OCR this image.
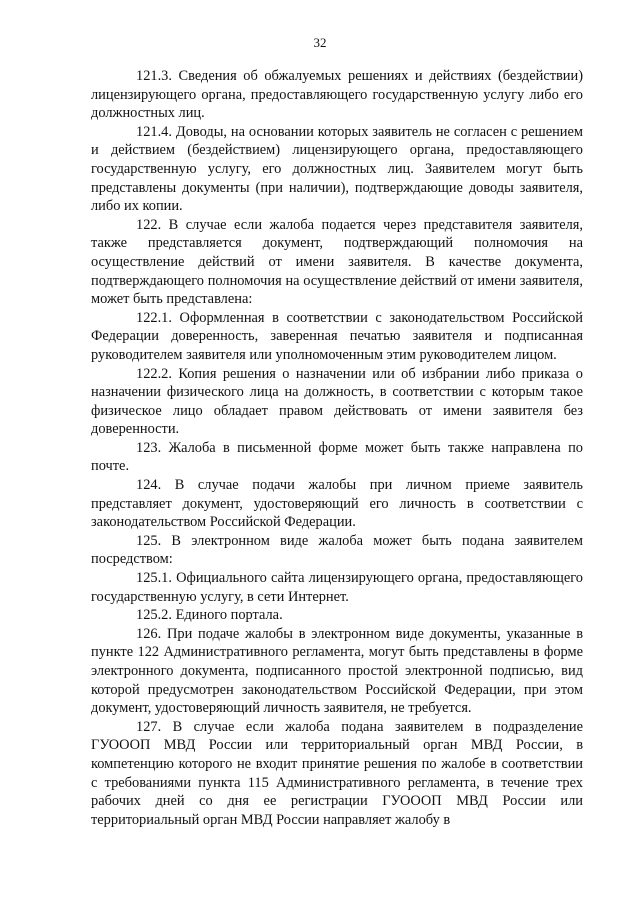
32

121.3. Сведения об обжалуемых решениях и действиях (бездействии) лицензирующего органа, предоставляющего государственную услугу либо его должностных лиц.

121.4. Доводы, на основании которых заявитель не согласен с решением и действием (бездействием) лицензирующего органа, предоставляющего государственную услугу, его должностных лиц. Заявителем могут быть представлены документы (при наличии), подтверждающие доводы заявителя, либо их копии.

122. В случае если жалоба подается через представителя заявителя, также представляется документ, подтверждающий полномочия на осуществление действий от имени заявителя. В качестве документа, подтверждающего полномочия на осуществление действий от имени заявителя, может быть представлена:

122.1. Оформленная в соответствии с законодательством Российской Федерации доверенность, заверенная печатью заявителя и подписанная руководителем заявителя или уполномоченным этим руководителем лицом.

122.2. Копия решения о назначении или об избрании либо приказа о назначении физического лица на должность, в соответствии с которым такое физическое лицо обладает правом действовать от имени заявителя без доверенности.

123. Жалоба в письменной форме может быть также направлена по почте.

124. В случае подачи жалобы при личном приеме заявитель представляет документ, удостоверяющий его личность в соответствии с законодательством Российской Федерации.

125. В электронном виде жалоба может быть подана заявителем посредством:

125.1. Официального сайта лицензирующего органа, предоставляющего государственную услугу, в сети Интернет.

125.2. Единого портала.

126. При подаче жалобы в электронном виде документы, указанные в пункте 122 Административного регламента, могут быть представлены в форме электронного документа, подписанного простой электронной подписью, вид которой предусмотрен законодательством Российской Федерации, при этом документ, удостоверяющий личность заявителя, не требуется.

127. В случае если жалоба подана заявителем в подразделение ГУОООП МВД России или территориальный орган МВД России, в компетенцию которого не входит принятие решения по жалобе в соответствии с требованиями пункта 115 Административного регламента, в течение трех рабочих дней со дня ее регистрации ГУОООП МВД России или территориальный орган МВД России направляет жалобу в
